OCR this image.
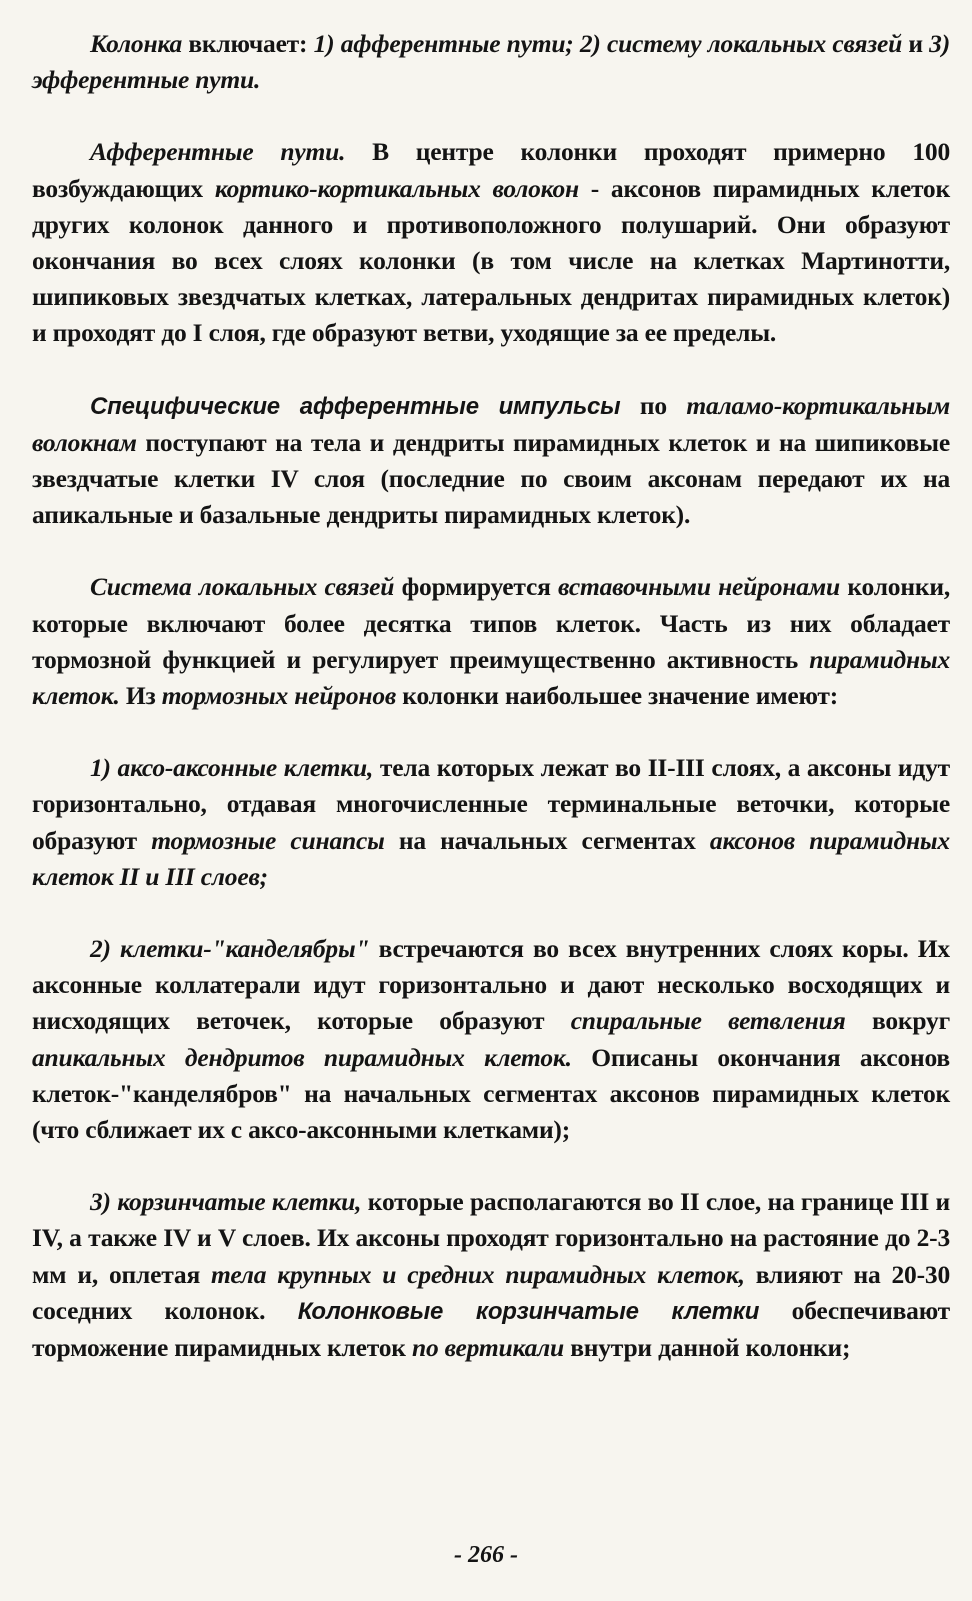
Колонка включает: 1) афферентные пути; 2) систему локальных связей и 3) эфферентные пути.

Афферентные пути. В центре колонки проходят примерно 100 возбуждающих кортико-кортикальных волокон - аксонов пирамидных клеток других колонок данного и противоположного полушарий. Они образуют окончания во всех слоях колонки (в том числе на клетках Мартинотти, шипиковых звездчатых клетках, латеральных дендритах пирамидных клеток) и проходят до I слоя, где образуют ветви, уходящие за ее пределы.

Специфические афферентные импульсы по таламо-кортикальным волокнам поступают на тела и дендриты пирамидных клеток и на шипиковые звездчатые клетки IV слоя (последние по своим аксонам передают их на апикальные и базальные дендриты пирамидных клеток).

Система локальных связей формируется вставочными нейронами колонки, которые включают более десятка типов клеток. Часть из них обладает тормозной функцией и регулирует преимущественно активность пирамидных клеток. Из тормозных нейронов колонки наибольшее значение имеют:

1) аксо-аксонные клетки, тела которых лежат во II-III слоях, а аксоны идут горизонтально, отдавая многочисленные терминальные веточки, которые образуют тормозные синапсы на начальных сегментах аксонов пирамидных клеток II и III слоев;

2) клетки-"канделябры" встречаются во всех внутренних слоях коры. Их аксонные коллатерали идут горизонтально и дают несколько восходящих и нисходящих веточек, которые образуют спиральные ветвления вокруг апикальных дендритов пирамидных клеток. Описаны окончания аксонов клеток-"канделябров" на начальных сегментах аксонов пирамидных клеток (что сближает их с аксо-аксонными клетками);

3) корзинчатые клетки, которые располагаются во II слое, на границе III и IV, а также IV и V слоев. Их аксоны проходят горизонтально на растояние до 2-3 мм и, оплетая тела крупных и средних пирамидных клеток, влияют на 20-30 соседних колонок. Колонковые корзинчатые клетки обеспечивают торможение пирамидных клеток по вертикали внутри данной колонки;

- 266 -
